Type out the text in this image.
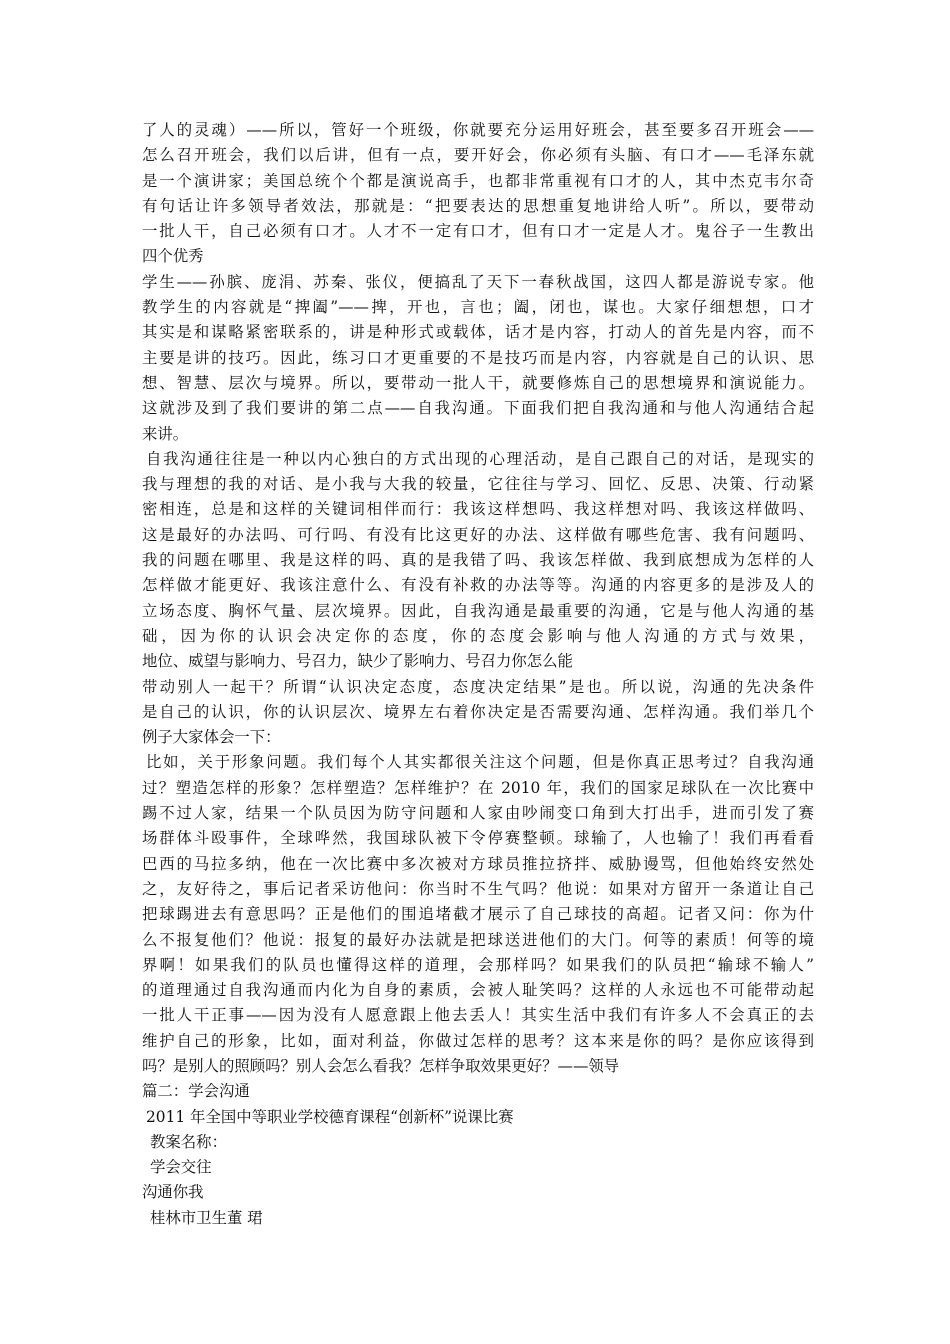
了人的灵魂）——所以，管好一个班级，你就要充分运用好班会，甚至要多召开班会——
怎么召开班会，我们以后讲，但有一点，要开好会，你必须有头脑、有口才——毛泽东就
是一个演讲家；美国总统个个都是演说高手，也都非常重视有口才的人，其中杰克韦尔奇
有句话让许多领导者效法，那就是：“把要表达的思想重复地讲给人听”。所以，要带动
一批人干，自己必须有口才。人才不一定有口才，但有口才一定是人才。鬼谷子一生教出
四个优秀
学生——孙膑、庞涓、苏秦、张仪，便搞乱了天下一春秋战国，这四人都是游说专家。他
教学生的内容就是“捭阖”——捭，开也，言也；阖，闭也，谋也。大家仔细想想，口才
其实是和谋略紧密联系的，讲是种形式或载体，话才是内容，打动人的首先是内容，而不
主要是讲的技巧。因此，练习口才更重要的不是技巧而是内容，内容就是自己的认识、思
想、智慧、层次与境界。所以，要带动一批人干，就要修炼自己的思想境界和演说能力。
这就涉及到了我们要讲的第二点——自我沟通。下面我们把自我沟通和与他人沟通结合起
来讲。
自我沟通往往是一种以内心独白的方式出现的心理活动，是自己跟自己的对话，是现实的
我与理想的我的对话、是小我与大我的较量，它往往与学习、回忆、反思、决策、行动紧
密相连，总是和这样的关键词相伴而行：我该这样想吗、我这样想对吗、我该这样做吗、
这是最好的办法吗、可行吗、有没有比这更好的办法、这样做有哪些危害、我有问题吗、
我的问题在哪里、我是这样的吗、真的是我错了吗、我该怎样做、我到底想成为怎样的人
怎样做才能更好、我该注意什么、有没有补救的办法等等。沟通的内容更多的是涉及人的
立场态度、胸怀气量、层次境界。因此，自我沟通是最重要的沟通，它是与他人沟通的基
础，因为你的认识会决定你的态度，你的态度会影响与他人沟通的方式与效果，
地位、威望与影响力、号召力，缺少了影响力、号召力你怎么能
带动别人一起干？所谓“认识决定态度，态度决定结果”是也。所以说，沟通的先决条件
是自己的认识，你的认识层次、境界左右着你决定是否需要沟通、怎样沟通。我们举几个
例子大家体会一下：
比如，关于形象问题。我们每个人其实都很关注这个问题，但是你真正思考过？自我沟通
过？塑造怎样的形象？怎样塑造？怎样维护？在 2010 年，我们的国家足球队在一次比赛中
踢不过人家，结果一个队员因为防守问题和人家由吵闹变口角到大打出手，进而引发了赛
场群体斗殴事件，全球哗然，我国球队被下令停赛整顿。球输了，人也输了！我们再看看
巴西的马拉多纳，他在一次比赛中多次被对方球员推拉挤拌、威胁谩骂，但他始终安然处
之，友好待之，事后记者采访他问：你当时不生气吗？他说：如果对方留开一条道让自己
把球踢进去有意思吗？正是他们的围追堵截才展示了自己球技的高超。记者又问：你为什
么不报复他们？他说：报复的最好办法就是把球送进他们的大门。何等的素质！何等的境
界啊！如果我们的队员也懂得这样的道理，会那样吗？如果我们的队员把“输球不输人”
的道理通过自我沟通而内化为自身的素质，会被人耻笑吗？这样的人永远也不可能带动起
一批人干正事——因为没有人愿意跟上他去丢人！其实生活中我们有许多人不会真正的去
维护自己的形象，比如，面对利益，你做过怎样的思考？这本来是你的吗？是你应该得到
吗？是别人的照顾吗？别人会怎么看我？怎样争取效果更好？——领导
篇二：学会沟通
2011 年全国中等职业学校德育课程“创新杯”说课比赛
教案名称：
学会交往
沟通你我
桂林市卫生董 珺
